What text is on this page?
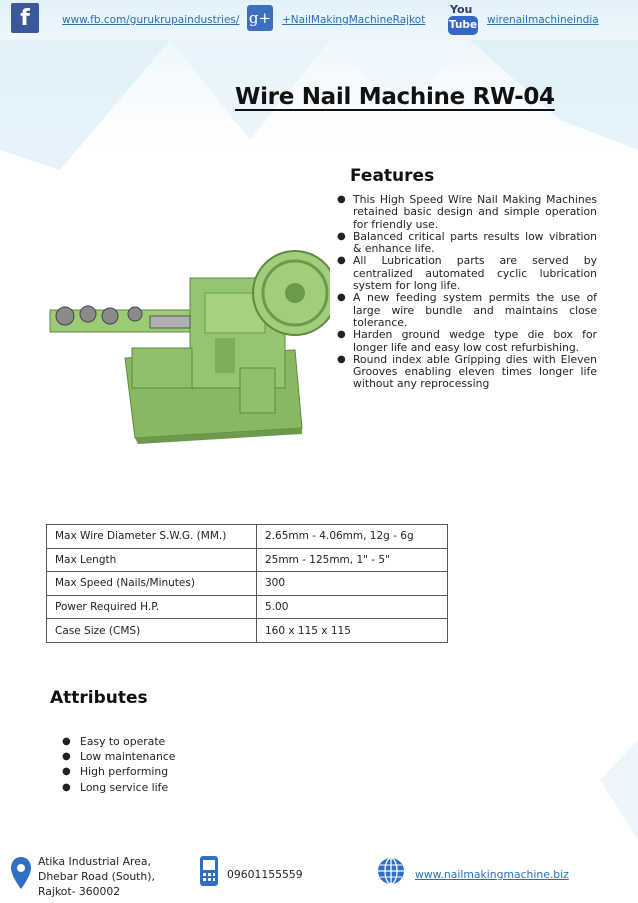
f	www.fb.com/gurukrupaindustries/ g+ +NailMakingMachineRajkot
You
Tube wirenailmachineindia
Wire Nail Machine RW-04
Features
● This High Speed Wire Nail Making Machines retained basic design and simple operation for friendly use.
● Balanced critical parts results low vibration & enhance life.
● All Lubrication parts are served by centralized automated cyclic lubrication system for long life.
● A new feeding system permits the use of large wire bundle and maintains close tolerance.
● Harden ground wedge type die box for longer life and easy low cost refurbishing.
● Round index able Gripping dies with Eleven Grooves enabling eleven times longer life without any reprocessing
Max Wire Diameter S.W.G. (MM.)	2.65mm - 4.06mm, 12g - 6g
Max Length	25mm - 125mm, 1" - 5"
Max Speed (Nails/Minutes)	300
Power Required H.P.	5.00
Case Size (CMS)	160 x 115 x 115
Attributes
● Easy to operate
● Low maintenance
● High performing
● Long service life
Atika Industrial Area,
Dhebar Road (South),
Rajkot- 360002
09601155559	www.nailmakingmachine.biz
